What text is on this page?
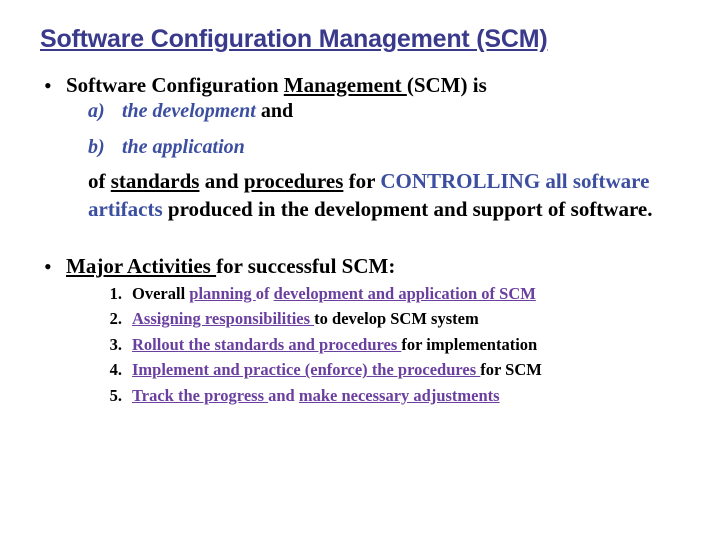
Software Configuration Management (SCM)
• Software Configuration Management (SCM) is
a) the development and
b) the application
of standards and procedures for CONTROLLING all software artifacts produced in the development and support of software.
• Major Activities for successful SCM:
1. Overall planning of development and application of SCM
2. Assigning responsibilities to develop SCM system
3. Rollout the standards and procedures for implementation
4. Implement and practice (enforce) the procedures for SCM
5. Track the progress and make necessary adjustments
